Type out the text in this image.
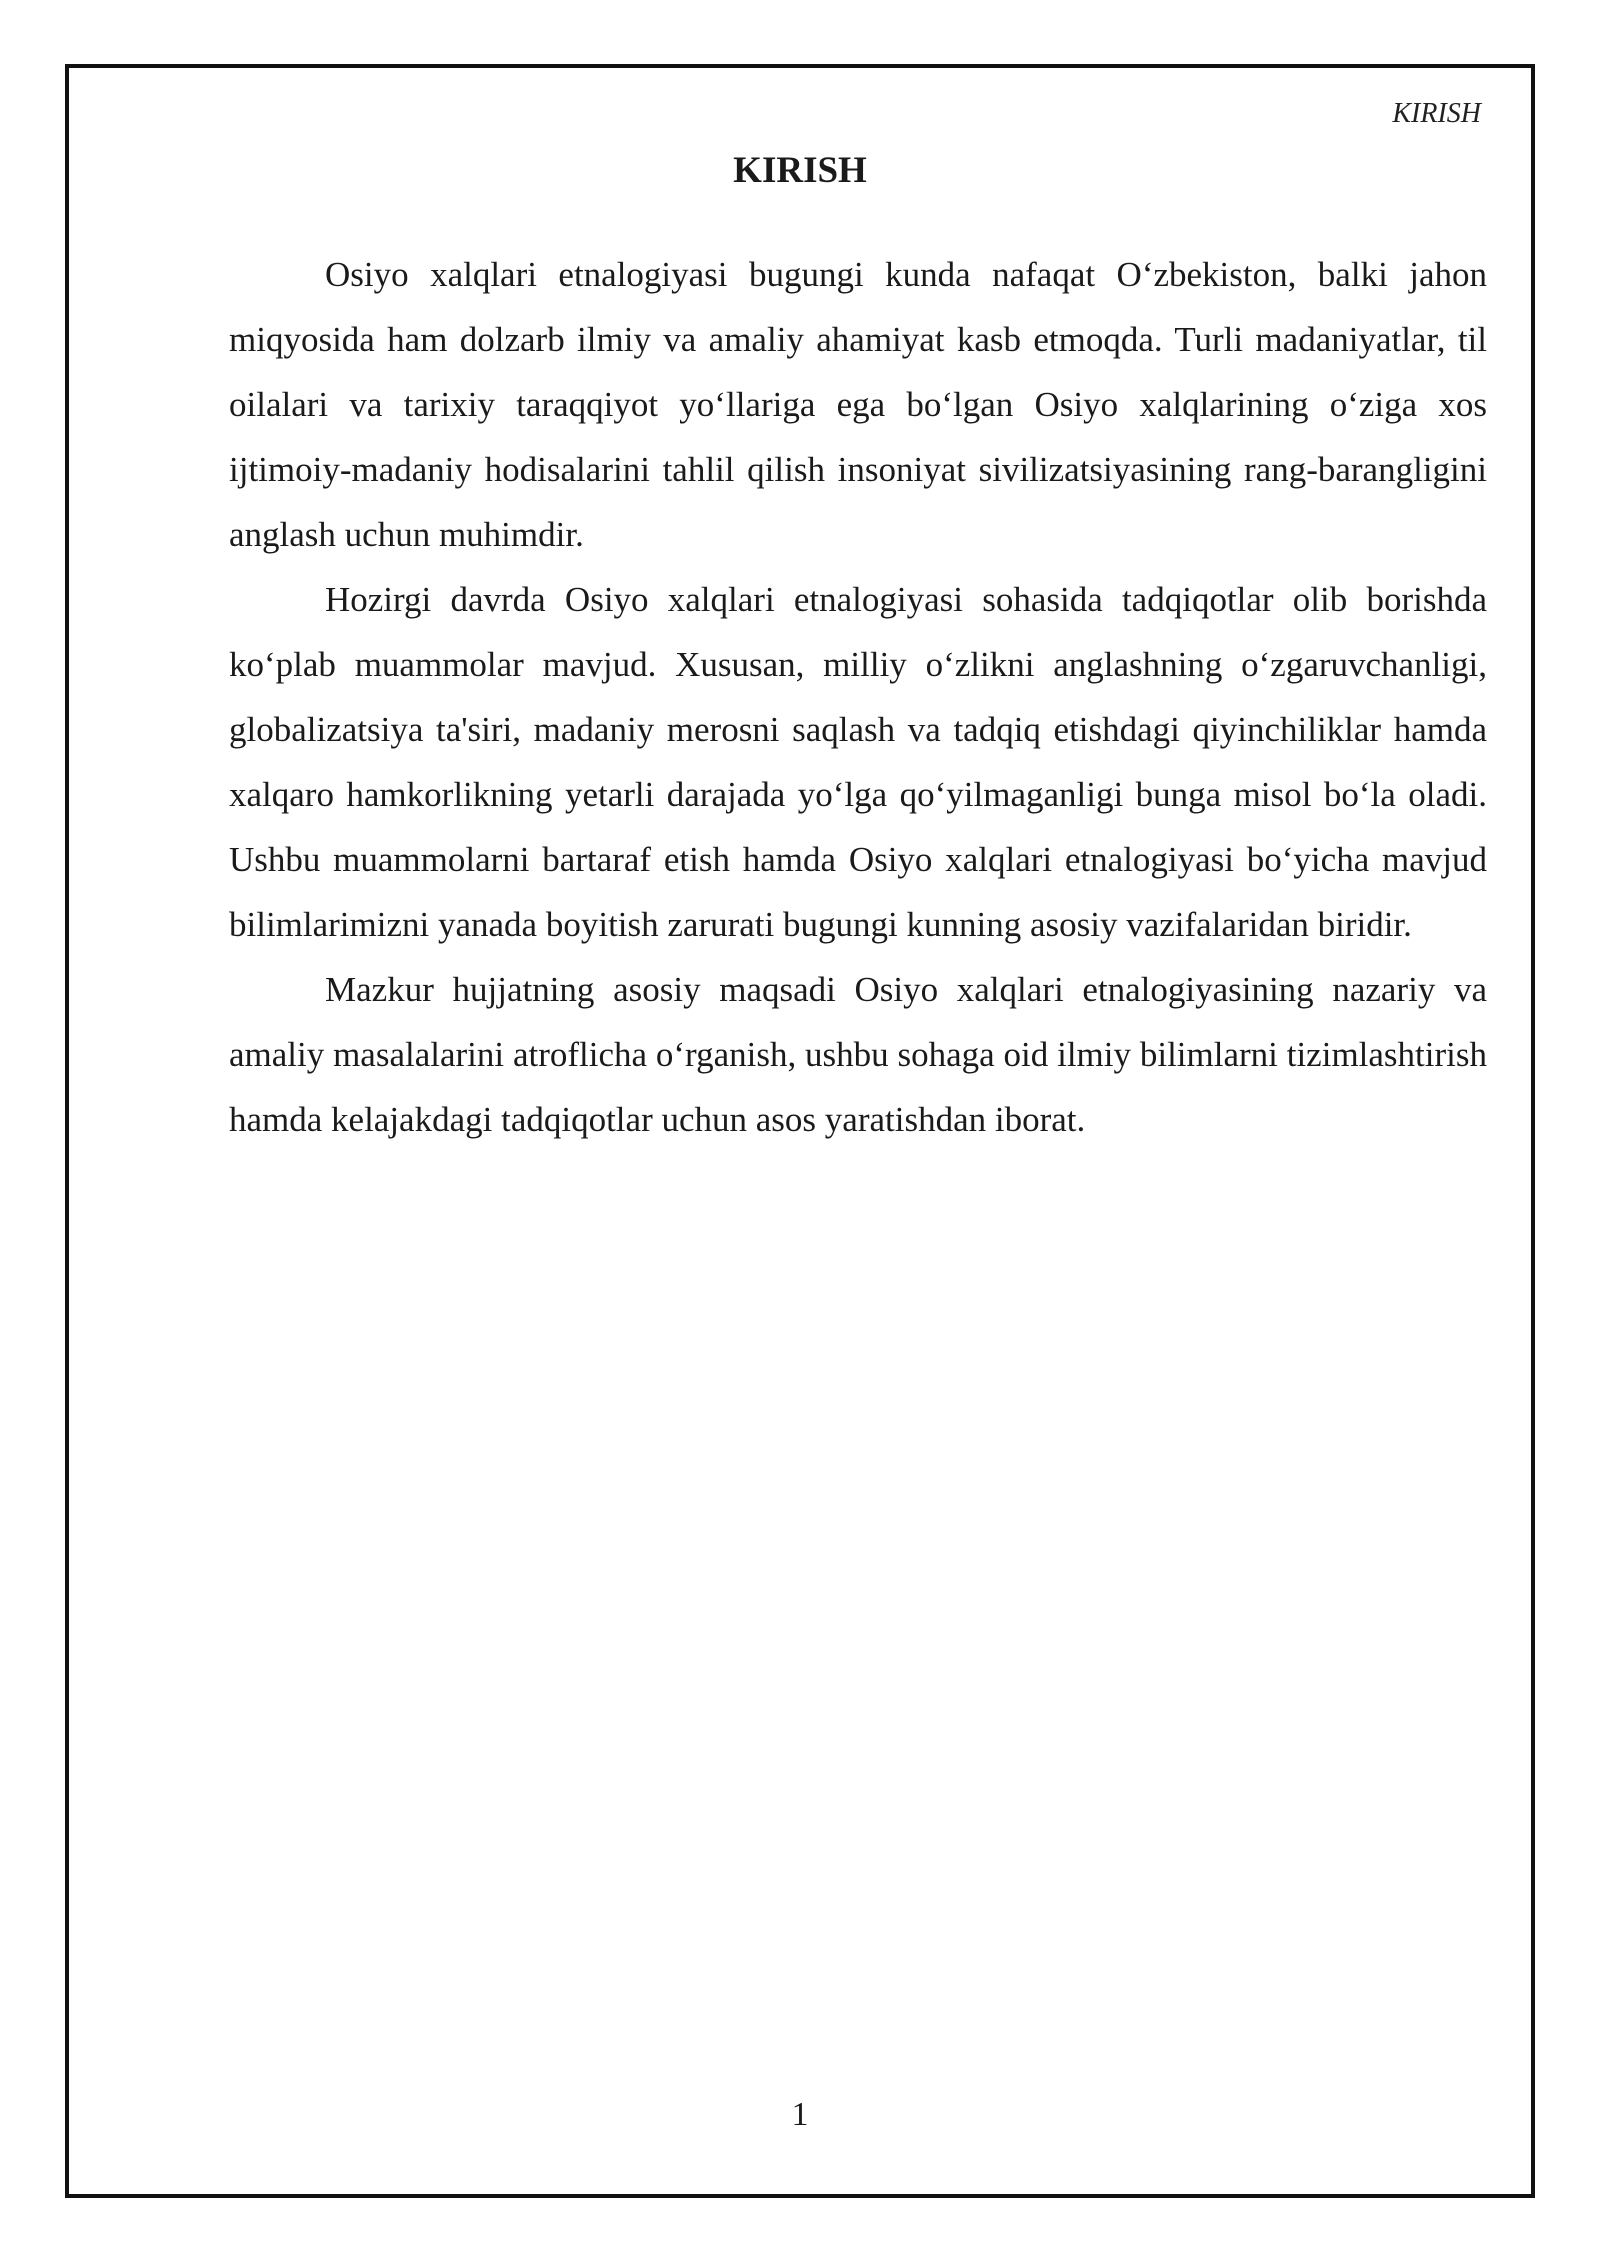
KIRISH
KIRISH

Osiyo xalqlari etnalogiyasi bugungi kunda nafaqat O‘zbekiston, balki jahon miqyosida ham dolzarb ilmiy va amaliy ahamiyat kasb etmoqda. Turli madaniyatlar, til oilalari va tarixiy taraqqiyot yo‘llariga ega bo‘lgan Osiyo xalqlarining o‘ziga xos ijtimoiy-madaniy hodisalarini tahlil qilish insoniyat sivilizatsiyasining rang-barangligini anglash uchun muhimdir.

Hozirgi davrda Osiyo xalqlari etnalogiyasi sohasida tadqiqotlar olib borishda ko‘plab muammolar mavjud. Xususan, milliy o‘zlikni anglashning o‘zgaruvchanligi, globalizatsiya ta'siri, madaniy merosni saqlash va tadqiq etishdagi qiyinchiliklar hamda xalqaro hamkorlikning yetarli darajada yo‘lga qo‘yilmaganligi bunga misol bo‘la oladi. Ushbu muammolarni bartaraf etish hamda Osiyo xalqlari etnalogiyasi bo‘yicha mavjud bilimlarimizni yanada boyitish zarurati bugungi kunning asosiy vazifalaridan biridir.

Mazkur hujjatning asosiy maqsadi Osiyo xalqlari etnalogiyasining nazariy va amaliy masalalarini atroflicha o‘rganish, ushbu sohaga oid ilmiy bilimlarni tizimlashtirish hamda kelajakdagi tadqiqotlar uchun asos yaratishdan iborat.

1
